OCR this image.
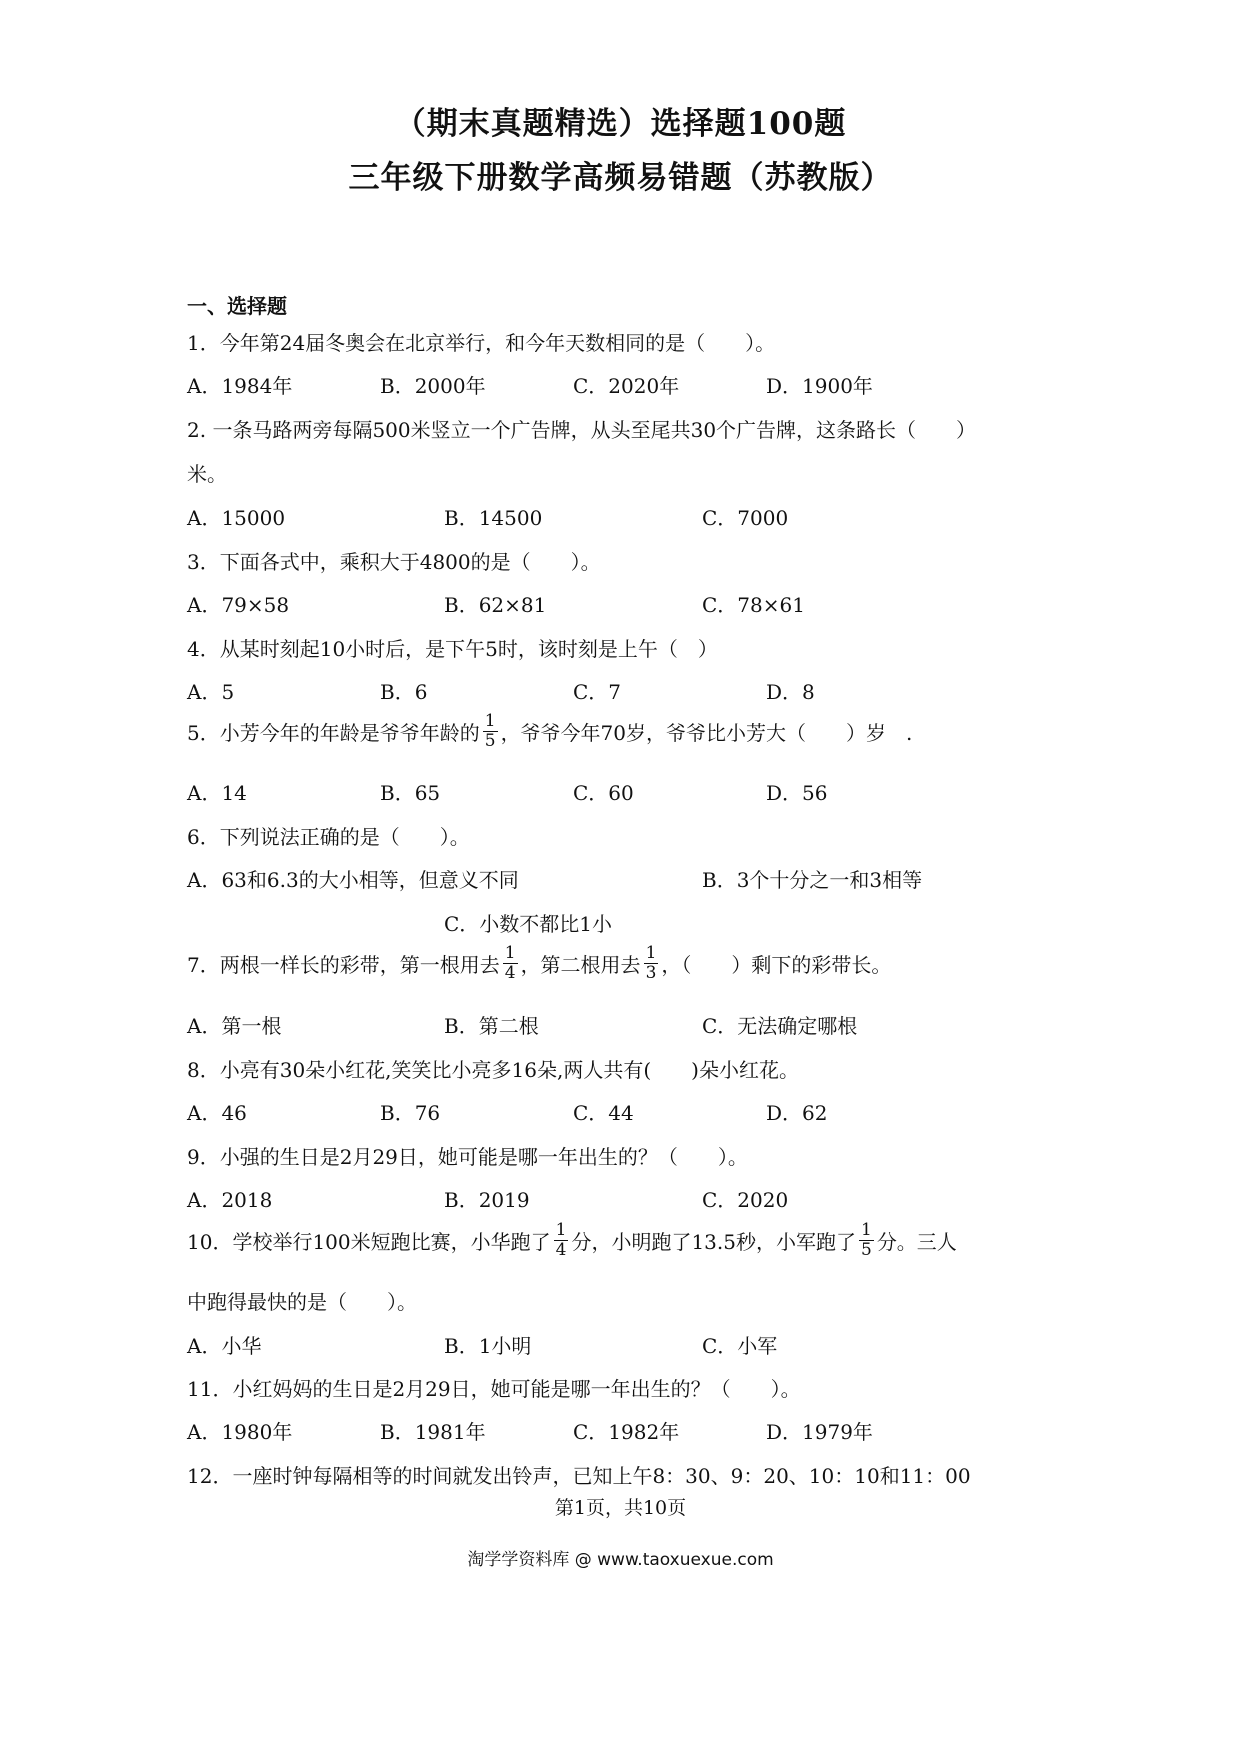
（期末真题精选）选择题100题
三年级下册数学高频易错题（苏教版）
一、选择题
1．今年第24届冬奥会在北京举行，和今年天数相同的是（　　）。
A．1984年	B．2000年	C．2020年	D．1900年
2. 一条马路两旁每隔500米竖立一个广告牌，从头至尾共30个广告牌，这条路长（　　）
米。
A．15000	B．14500	C．7000
3．下面各式中，乘积大于4800的是（　　）。
A．79×58	B．62×81	C．78×61
4．从某时刻起10小时后，是下午5时，该时刻是上午（　）
A．5	B．6	C．7	D．8
5．小芳今年的年龄是爷爷年龄的 $\frac{1}{5}$ ，爷爷今年70岁，爷爷比小芳大（　　）岁　.
A．14	B．65	C．60	D．56
6．下列说法正确的是（　　）。
A．63和6.3的大小相等，但意义不同	B．3个十分之一和3相等
C．小数不都比1小
7．两根一样长的彩带，第一根用去 $\frac{1}{4}$ ，第二根用去 $\frac{1}{3}$ ，（　　）剩下的彩带长。
A．第一根	B．第二根	C．无法确定哪根
8．小亮有30朵小红花,笑笑比小亮多16朵,两人共有(　　)朵小红花。
A．46	B．76	C．44	D．62
9．小强的生日是2月29日，她可能是哪一年出生的？（　　）。
A．2018	B．2019	C．2020
10．学校举行100米短跑比赛，小华跑了 $\frac{1}{4}$ 分，小明跑了13.5秒，小军跑了 $\frac{1}{5}$ 分。三人
中跑得最快的是（　　）。
A．小华	B．1小明	C．小军
11．小红妈妈的生日是2月29日，她可能是哪一年出生的？（　　）。
A．1980年	B．1981年	C．1982年	D．1979年
12．一座时钟每隔相等的时间就发出铃声，已知上午8：30、9：20、10：10和11：00
第1页，共10页
淘学学资料库 @ www.taoxuexue.com
